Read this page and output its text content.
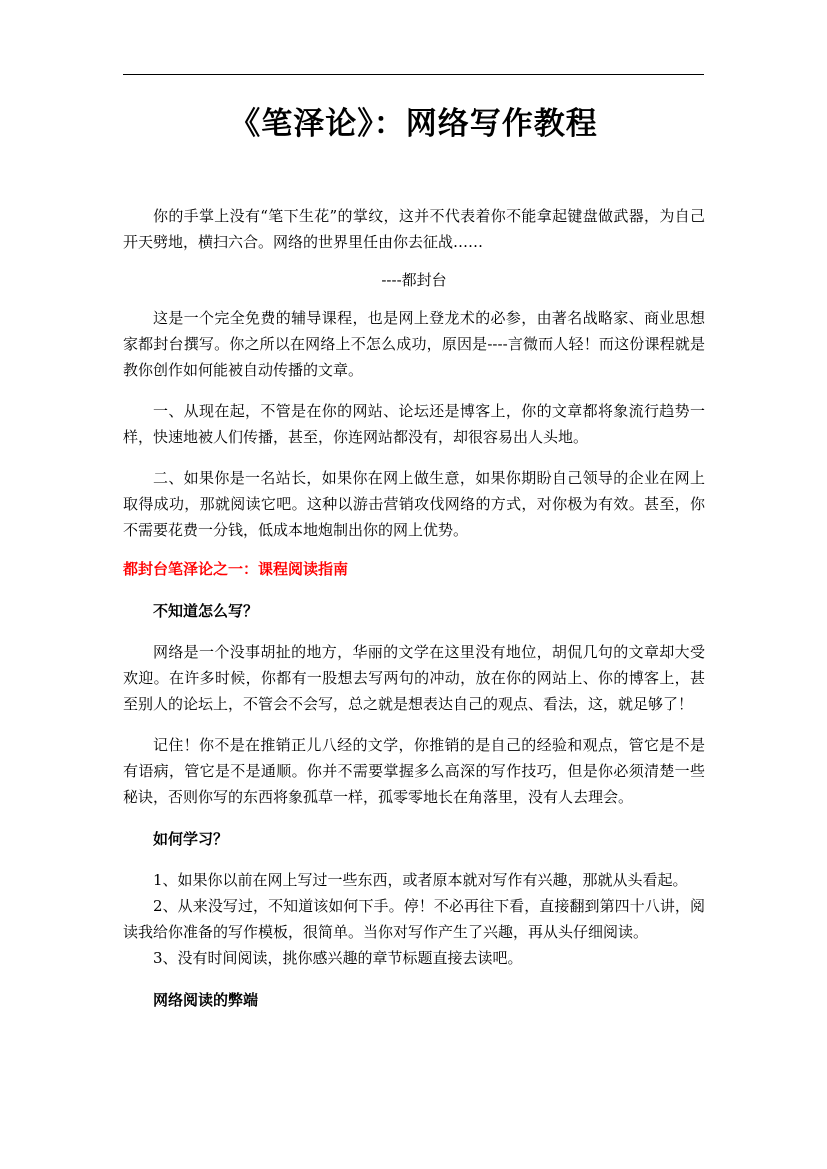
《笔泽论》：网络写作教程

你的手掌上没有“笔下生花”的掌纹，这并不代表着你不能拿起键盘做武器，为自己开天劈地，横扫六合。网络的世界里任由你去征战……

----都封台

这是一个完全免费的辅导课程，也是网上登龙术的必参，由著名战略家、商业思想家都封台撰写。你之所以在网络上不怎么成功，原因是----言微而人轻！而这份课程就是教你创作如何能被自动传播的文章。

一、从现在起，不管是在你的网站、论坛还是博客上，你的文章都将象流行趋势一样，快速地被人们传播，甚至，你连网站都没有，却很容易出人头地。

二、如果你是一名站长，如果你在网上做生意，如果你期盼自己领导的企业在网上取得成功，那就阅读它吧。这种以游击营销攻伐网络的方式，对你极为有效。甚至，你不需要花费一分钱，低成本地炮制出你的网上优势。

都封台笔泽论之一：课程阅读指南

不知道怎么写？

网络是一个没事胡扯的地方，华丽的文学在这里没有地位，胡侃几句的文章却大受欢迎。在许多时候，你都有一股想去写两句的冲动，放在你的网站上、你的博客上，甚至别人的论坛上，不管会不会写，总之就是想表达自己的观点、看法，这，就足够了！

记住！你不是在推销正儿八经的文学，你推销的是自己的经验和观点，管它是不是有语病，管它是不是通顺。你并不需要掌握多么高深的写作技巧，但是你必须清楚一些秘诀，否则你写的东西将象孤草一样，孤零零地长在角落里，没有人去理会。

如何学习？

1、如果你以前在网上写过一些东西，或者原本就对写作有兴趣，那就从头看起。

2、从来没写过，不知道该如何下手。停！不必再往下看，直接翻到第四十八讲，阅读我给你准备的写作模板，很简单。当你对写作产生了兴趣，再从头仔细阅读。

3、没有时间阅读，挑你感兴趣的章节标题直接去读吧。

网络阅读的弊端
